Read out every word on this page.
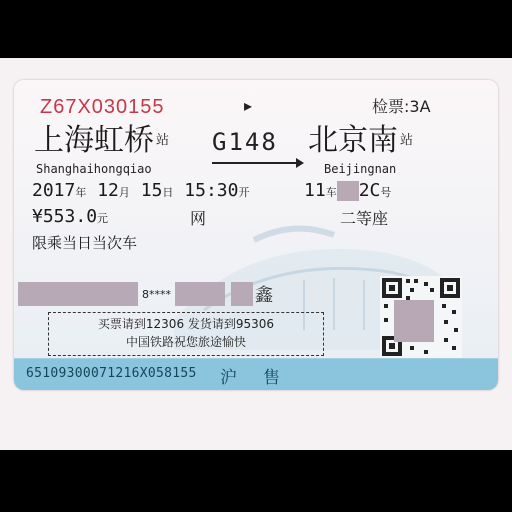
Z67X030155	▸	检票:3A
上海虹桥 $^站$
Shanghaihongqiao
G148 北京南 $^站$
Beijingnan
2017年 12月 15日 15:30开	11车 2C号
¥553.0元	网	二等座
限乘当日当次车
8****	鑫
买票请到12306 发货请到95306
中国铁路祝您旅途愉快
65109300071216X058155 沪售
